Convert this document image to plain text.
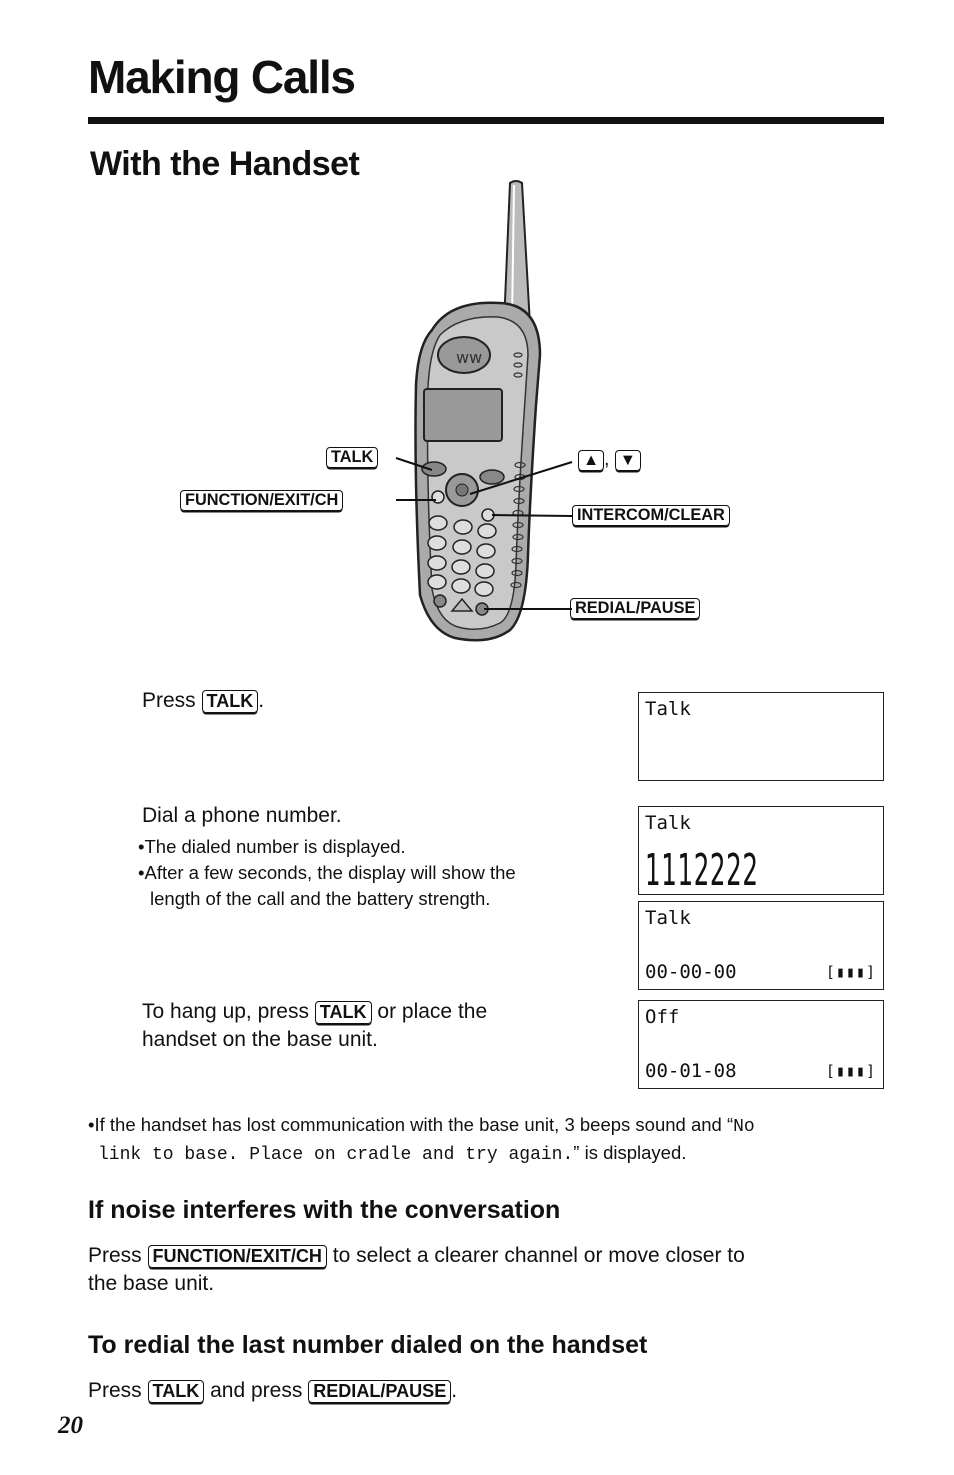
Making Calls
With the Handset
ww
TALK
FUNCTION/EXIT/CH
▲ , ▼
INTERCOM/CLEAR
REDIAL/PAUSE
Press TALK .
Dial a phone number.
•The dialed number is displayed.
•After a few seconds, the display will show the
length of the call and the battery strength.
To hang up, press TALK or place the
handset on the base unit.
Talk
Talk
1112222
Talk
00-00-00	[▮▮▮]
Off
00-01-08	[▮▮▮]
•If the handset has lost communication with the base unit, 3 beeps sound and “No
link to base. Place on cradle and try again.” is displayed.
If noise interferes with the conversation
Press FUNCTION/EXIT/CH to select a clearer channel or move closer to
the base unit.
To redial the last number dialed on the handset
Press TALK and press REDIAL/PAUSE .
20
